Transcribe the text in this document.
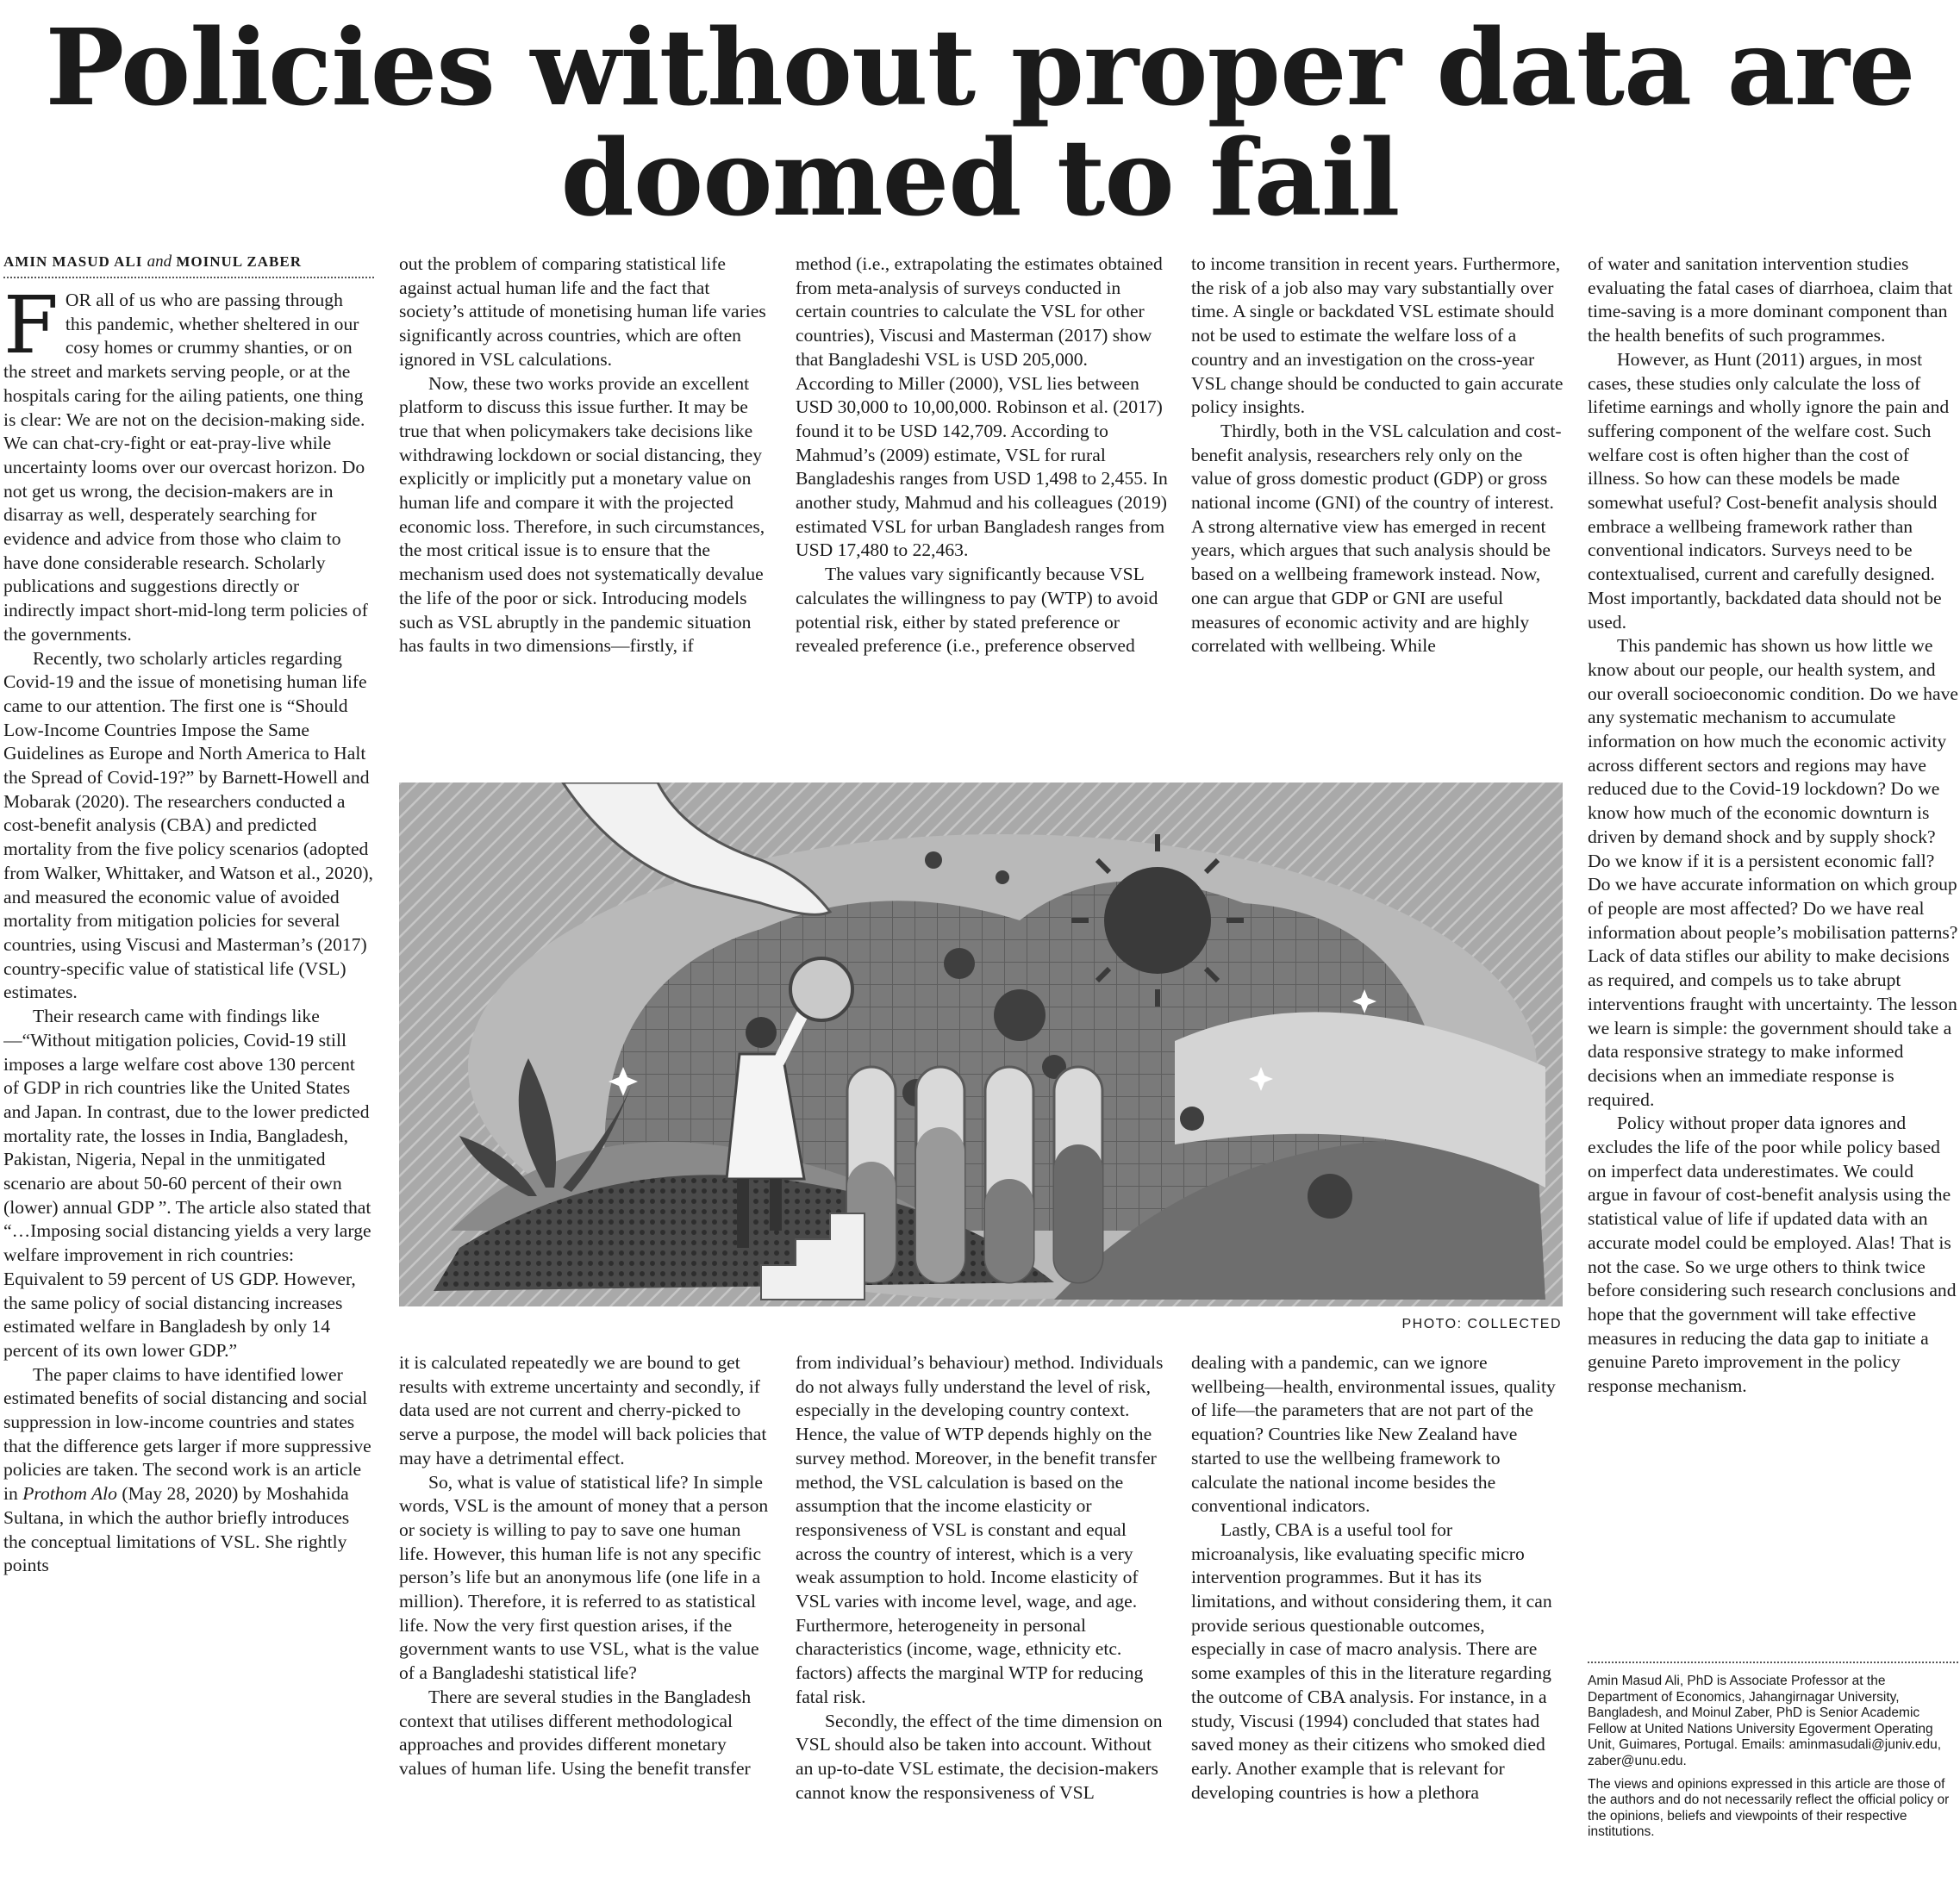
Policies without proper data are
doomed to fail
AMIN MASUD ALI and MOINUL ZABER

FOR all of us who are passing through this pandemic, whether sheltered in our cosy homes or crummy shanties, or on the street and markets serving people, or at the hospitals caring for the ailing patients, one thing is clear: We are not on the decision-making side. We can chat-cry-fight or eat-pray-live while uncertainty looms over our overcast horizon. Do not get us wrong, the decision-makers are in disarray as well, desperately searching for evidence and advice from those who claim to have done considerable research. Scholarly publications and suggestions directly or indirectly impact short-mid-long term policies of the governments.

Recently, two scholarly articles regarding Covid-19 and the issue of monetising human life came to our attention. The first one is “Should Low-Income Countries Impose the Same Guidelines as Europe and North America to Halt the Spread of Covid-19?” by Barnett-Howell and Mobarak (2020). The researchers conducted a cost-benefit analysis (CBA) and predicted mortality from the five policy scenarios (adopted from Walker, Whittaker, and Watson et al., 2020), and measured the economic value of avoided mortality from mitigation policies for several countries, using Viscusi and Masterman’s (2017) country-specific value of statistical life (VSL) estimates.

Their research came with findings like—“Without mitigation policies, Covid-19 still imposes a large welfare cost above 130 percent of GDP in rich countries like the United States and Japan. In contrast, due to the lower predicted mortality rate, the losses in India, Bangladesh, Pakistan, Nigeria, Nepal in the unmitigated scenario are about 50-60 percent of their own (lower) annual GDP ”. The article also stated that “…Imposing social distancing yields a very large welfare improvement in rich countries: Equivalent to 59 percent of US GDP. However, the same policy of social distancing increases estimated welfare in Bangladesh by only 14 percent of its own lower GDP.”

The paper claims to have identified lower estimated benefits of social distancing and social suppression in low-income countries and states that the difference gets larger if more suppressive policies are taken. The second work is an article in Prothom Alo (May 28, 2020) by Moshahida Sultana, in which the author briefly introduces the conceptual limitations of VSL. She rightly points

out the problem of comparing statistical life against actual human life and the fact that society’s attitude of monetising human life varies significantly across countries, which are often ignored in VSL calculations.

Now, these two works provide an excellent platform to discuss this issue further. It may be true that when policymakers take decisions like withdrawing lockdown or social distancing, they explicitly or implicitly put a monetary value on human life and compare it with the projected economic loss. Therefore, in such circumstances, the most critical issue is to ensure that the mechanism used does not systematically devalue the life of the poor or sick. Introducing models such as VSL abruptly in the pandemic situation has faults in two dimensions—firstly, if

method (i.e., extrapolating the estimates obtained from meta-analysis of surveys conducted in certain countries to calculate the VSL for other countries), Viscusi and Masterman (2017) show that Bangladeshi VSL is USD 205,000. According to Miller (2000), VSL lies between USD 30,000 to 10,00,000. Robinson et al. (2017) found it to be USD 142,709. According to Mahmud’s (2009) estimate, VSL for rural Bangladeshis ranges from USD 1,498 to 2,455. In another study, Mahmud and his colleagues (2019) estimated VSL for urban Bangladesh ranges from USD 17,480 to 22,463.

The values vary significantly because VSL calculates the willingness to pay (WTP) to avoid potential risk, either by stated preference or revealed preference (i.e., preference observed

to income transition in recent years. Furthermore, the risk of a job also may vary substantially over time. A single or backdated VSL estimate should not be used to estimate the welfare loss of a country and an investigation on the cross-year VSL change should be conducted to gain accurate policy insights.

Thirdly, both in the VSL calculation and cost-benefit analysis, researchers rely only on the value of gross domestic product (GDP) or gross national income (GNI) of the country of interest. A strong alternative view has emerged in recent years, which argues that such analysis should be based on a wellbeing framework instead. Now, one can argue that GDP or GNI are useful measures of economic activity and are highly correlated with wellbeing. While

of water and sanitation intervention studies evaluating the fatal cases of diarrhoea, claim that time-saving is a more dominant component than the health benefits of such programmes.

However, as Hunt (2011) argues, in most cases, these studies only calculate the loss of lifetime earnings and wholly ignore the pain and suffering component of the welfare cost. Such welfare cost is often higher than the cost of illness. So how can these models be made somewhat useful? Cost-benefit analysis should embrace a wellbeing framework rather than conventional indicators. Surveys need to be contextualised, current and carefully designed. Most importantly, backdated data should not be used.

This pandemic has shown us how little we know about our people, our health system, and our overall socioeconomic condition. Do we have any systematic mechanism to accumulate information on how much the economic activity across different sectors and regions may have reduced due to the Covid-19 lockdown? Do we know how much of the economic downturn is driven by demand shock and by supply shock? Do we know if it is a persistent economic fall? Do we have accurate information on which group of people are most affected? Do we have real information about people’s mobilisation patterns? Lack of data stifles our ability to make decisions as required, and compels us to take abrupt interventions fraught with uncertainty. The lesson we learn is simple: the government should take a data responsive strategy to make informed decisions when an immediate response is required.

Policy without proper data ignores and excludes the life of the poor while policy based on imperfect data underestimates. We could argue in favour of cost-benefit analysis using the statistical value of life if updated data with an accurate model could be employed. Alas! That is not the case. So we urge others to think twice before considering such research conclusions and hope that the government will take effective measures in reducing the data gap to initiate a genuine Pareto improvement in the policy response mechanism.

PHOTO: COLLECTED

it is calculated repeatedly we are bound to get results with extreme uncertainty and secondly, if data used are not current and cherry-picked to serve a purpose, the model will back policies that may have a detrimental effect.

So, what is value of statistical life? In simple words, VSL is the amount of money that a person or society is willing to pay to save one human life. However, this human life is not any specific person’s life but an anonymous life (one life in a million). Therefore, it is referred to as statistical life. Now the very first question arises, if the government wants to use VSL, what is the value of a Bangladeshi statistical life?

There are several studies in the Bangladesh context that utilises different methodological approaches and provides different monetary values of human life. Using the benefit transfer

from individual’s behaviour) method. Individuals do not always fully understand the level of risk, especially in the developing country context. Hence, the value of WTP depends highly on the survey method. Moreover, in the benefit transfer method, the VSL calculation is based on the assumption that the income elasticity or responsiveness of VSL is constant and equal across the country of interest, which is a very weak assumption to hold. Income elasticity of VSL varies with income level, wage, and age. Furthermore, heterogeneity in personal characteristics (income, wage, ethnicity etc. factors) affects the marginal WTP for reducing fatal risk.

Secondly, the effect of the time dimension on VSL should also be taken into account. Without an up-to-date VSL estimate, the decision-makers cannot know the responsiveness of VSL

dealing with a pandemic, can we ignore wellbeing—health, environmental issues, quality of life—the parameters that are not part of the equation? Countries like New Zealand have started to use the wellbeing framework to calculate the national income besides the conventional indicators.

Lastly, CBA is a useful tool for microanalysis, like evaluating specific micro intervention programmes. But it has its limitations, and without considering them, it can provide serious questionable outcomes, especially in case of macro analysis. There are some examples of this in the literature regarding the outcome of CBA analysis. For instance, in a study, Viscusi (1994) concluded that states had saved money as their citizens who smoked died early. Another example that is relevant for developing countries is how a plethora

Amin Masud Ali, PhD is Associate Professor at the Department of Economics, Jahangirnagar University, Bangladesh, and Moinul Zaber, PhD is Senior Academic Fellow at United Nations University Egoverment Operating Unit, Guimares, Portugal. Emails: aminmasudali@juniv.edu, zaber@unu.edu.

The views and opinions expressed in this article are those of the authors and do not necessarily reflect the official policy or the opinions, beliefs and viewpoints of their respective institutions.
